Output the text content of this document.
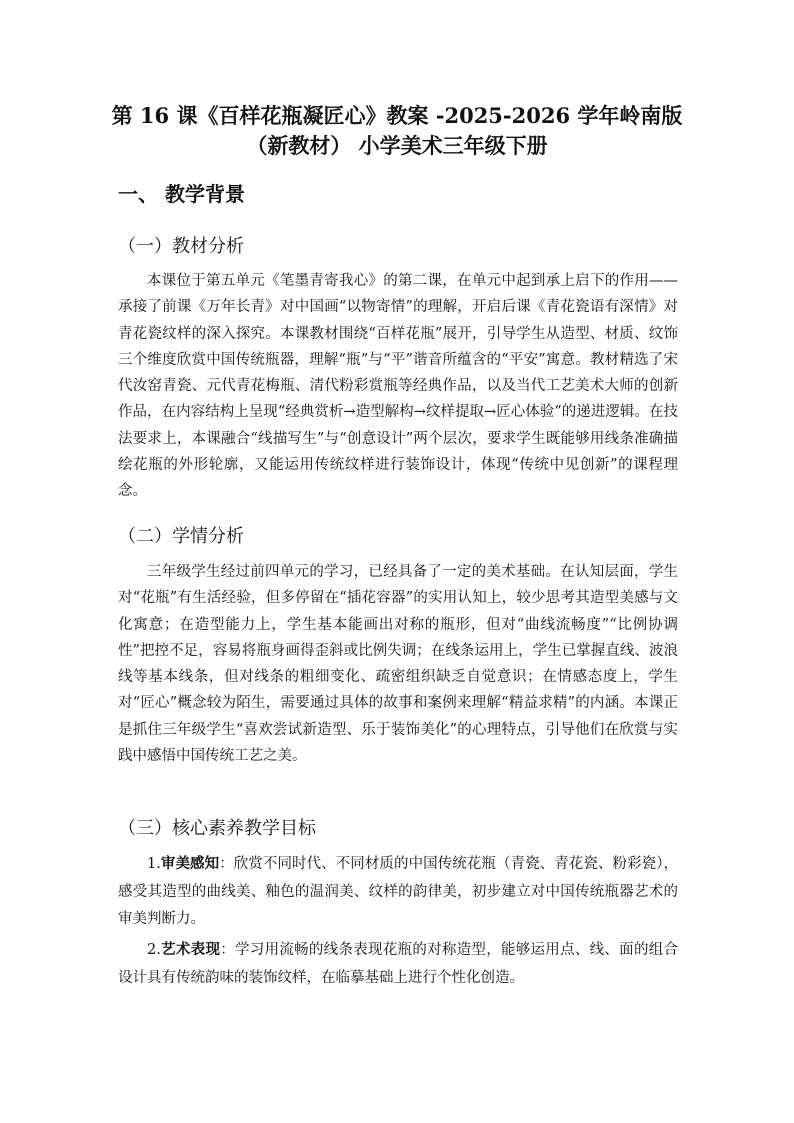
第 16 课《百样花瓶凝匠心》教案 -2025-2026 学年岭南版（新教材） 小学美术三年级下册
一、 教学背景
（一）教材分析

本课位于第五单元《笔墨青寄我心》的第二课，在单元中起到承上启下的作用——承接了前课《万年长青》对中国画“以物寄情”的理解，开启后课《青花瓷语有深情》对青花瓷纹样的深入探究。本课教材围绕“百样花瓶”展开，引导学生从造型、材质、纹饰三个维度欣赏中国传统瓶器，理解“瓶”与“平”谐音所蕴含的“平安”寓意。教材精选了宋代汝窑青瓷、元代青花梅瓶、清代粉彩赏瓶等经典作品，以及当代工艺美术大师的创新作品，在内容结构上呈现“经典赏析→造型解构→纹样提取→匠心体验”的递进逻辑。在技法要求上，本课融合“线描写生”与“创意设计”两个层次，要求学生既能够用线条准确描绘花瓶的外形轮廓，又能运用传统纹样进行装饰设计，体现“传统中见创新”的课程理念。

（二）学情分析

三年级学生经过前四单元的学习，已经具备了一定的美术基础。在认知层面，学生对“花瓶”有生活经验，但多停留在“插花容器”的实用认知上，较少思考其造型美感与文化寓意；在造型能力上，学生基本能画出对称的瓶形，但对“曲线流畅度”“比例协调性”把控不足，容易将瓶身画得歪斜或比例失调；在线条运用上，学生已掌握直线、波浪线等基本线条，但对线条的粗细变化、疏密组织缺乏自觉意识；在情感态度上，学生对“匠心”概念较为陌生，需要通过具体的故事和案例来理解“精益求精”的内涵。本课正是抓住三年级学生“喜欢尝试新造型、乐于装饰美化”的心理特点，引导他们在欣赏与实践中感悟中国传统工艺之美。

（三）核心素养教学目标

1.审美感知：欣赏不同时代、不同材质的中国传统花瓶（青瓷、青花瓷、粉彩瓷），感受其造型的曲线美、釉色的温润美、纹样的韵律美，初步建立对中国传统瓶器艺术的审美判断力。

2.艺术表现：学习用流畅的线条表现花瓶的对称造型，能够运用点、线、面的组合设计具有传统韵味的装饰纹样，在临摹基础上进行个性化创造。
